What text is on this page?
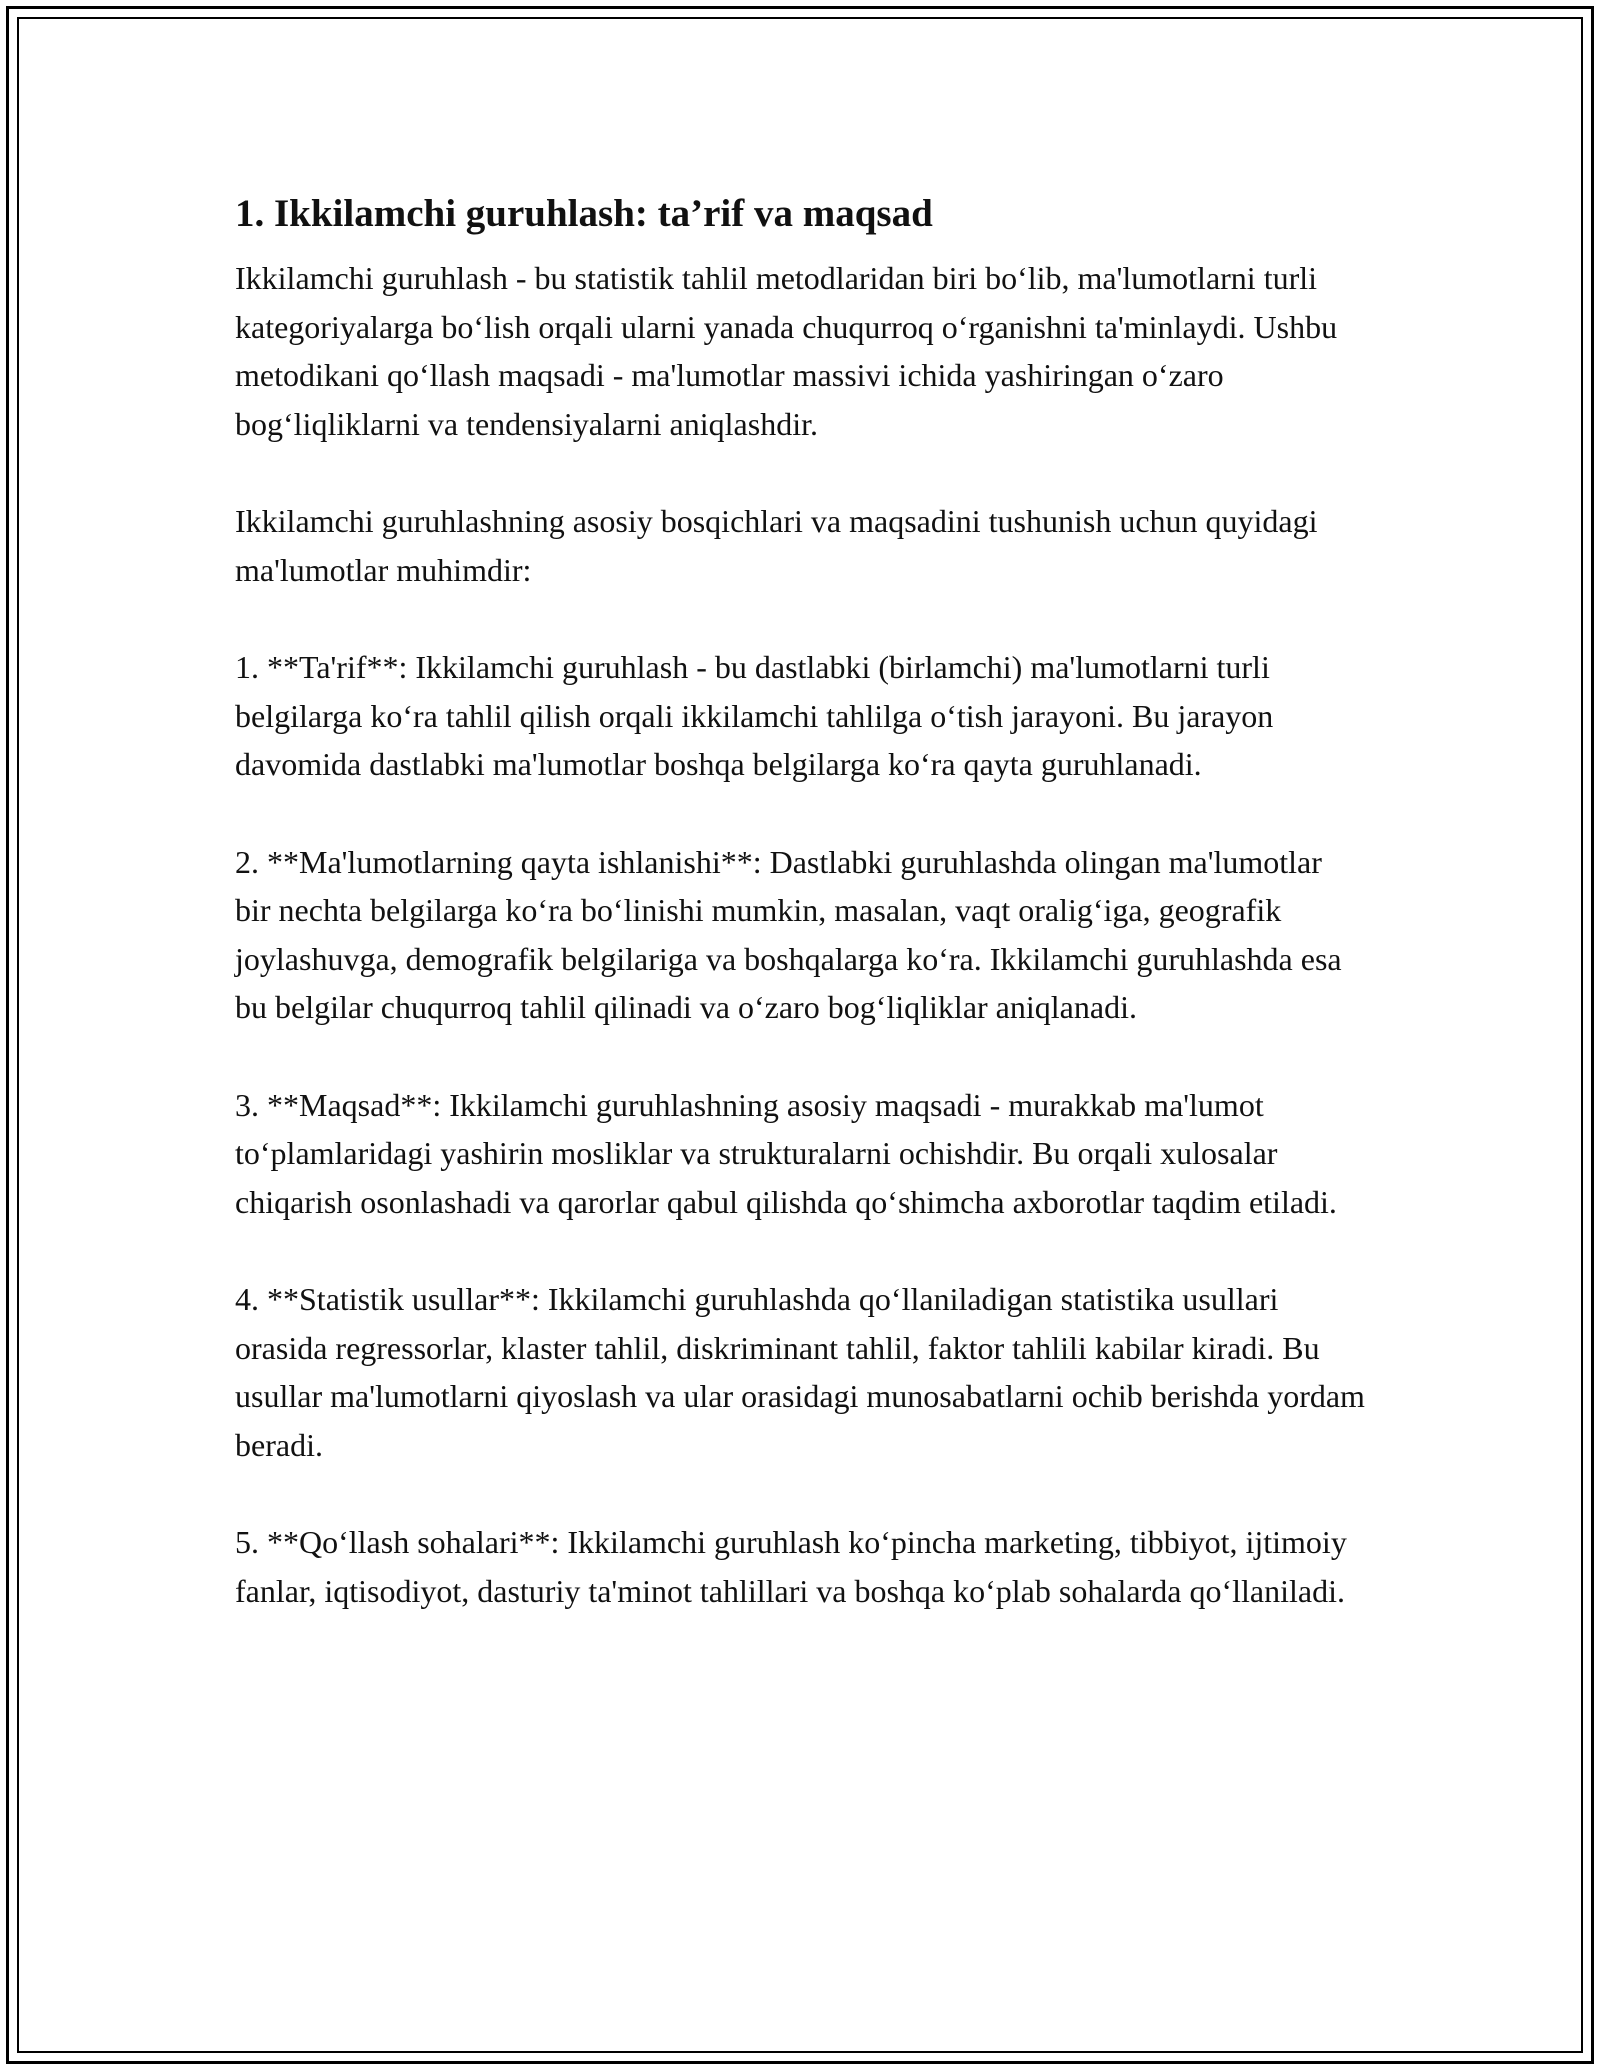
1. Ikkilamchi guruhlash: ta’rif va maqsad

Ikkilamchi guruhlash - bu statistik tahlil metodlaridan biri bo‘lib, ma'lumotlarni turli kategoriyalarga bo‘lish orqali ularni yanada chuqurroq o‘rganishni ta'minlaydi. Ushbu metodikani qo‘llash maqsadi - ma'lumotlar massivi ichida yashiringan o‘zaro bog‘liqliklarni va tendensiyalarni aniqlashdir.

Ikkilamchi guruhlashning asosiy bosqichlari va maqsadini tushunish uchun quyidagi ma'lumotlar muhimdir:

1. **Ta'rif**: Ikkilamchi guruhlash - bu dastlabki (birlamchi) ma'lumotlarni turli belgilarga ko‘ra tahlil qilish orqali ikkilamchi tahlilga o‘tish jarayoni. Bu jarayon davomida dastlabki ma'lumotlar boshqa belgilarga ko‘ra qayta guruhlanadi.

2. **Ma'lumotlarning qayta ishlanishi**: Dastlabki guruhlashda olingan ma'lumotlar bir nechta belgilarga ko‘ra bo‘linishi mumkin, masalan, vaqt oralig‘iga, geografik joylashuvga, demografik belgilariga va boshqalarga ko‘ra. Ikkilamchi guruhlashda esa bu belgilar chuqurroq tahlil qilinadi va o‘zaro bog‘liqliklar aniqlanadi.

3. **Maqsad**: Ikkilamchi guruhlashning asosiy maqsadi - murakkab ma'lumot to‘plamlaridagi yashirin mosliklar va strukturalarni ochishdir. Bu orqali xulosalar chiqarish osonlashadi va qarorlar qabul qilishda qo‘shimcha axborotlar taqdim etiladi.

4. **Statistik usullar**: Ikkilamchi guruhlashda qo‘llaniladigan statistika usullari orasida regressorlar, klaster tahlil, diskriminant tahlil, faktor tahlili kabilar kiradi. Bu usullar ma'lumotlarni qiyoslash va ular orasidagi munosabatlarni ochib berishda yordam beradi.

5. **Qo‘llash sohalari**: Ikkilamchi guruhlash ko‘pincha marketing, tibbiyot, ijtimoiy fanlar, iqtisodiyot, dasturiy ta'minot tahlillari va boshqa ko‘plab sohalarda qo‘llaniladi.
